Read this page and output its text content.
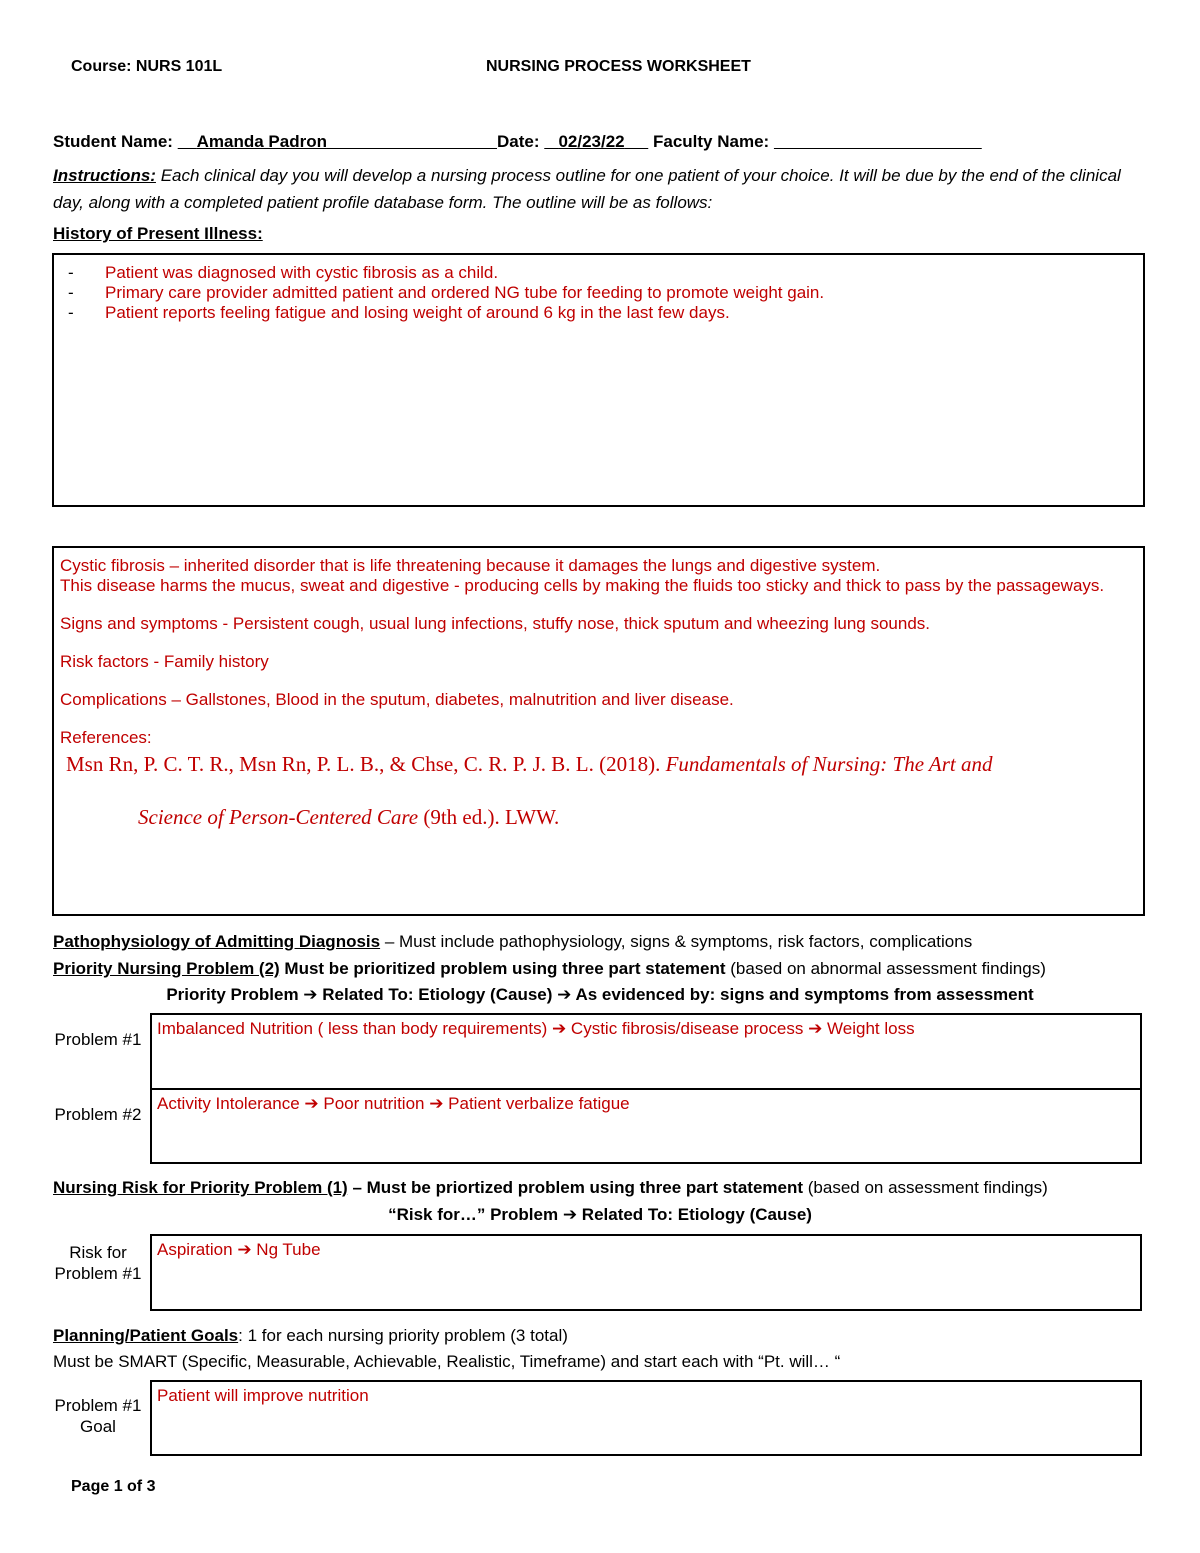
Course: NURS 101L	NURSING PROCESS WORKSHEET
Student Name: Amanda Padron	Date: 02/23/22 Faculty Name:
Instructions: Each clinical day you will develop a nursing process outline for one patient of your choice. It will be due by the end of the clinical day, along with a completed patient profile database form. The outline will be as follows:
History of Present Illness:
- Patient was diagnosed with cystic fibrosis as a child.
- Primary care provider admitted patient and ordered NG tube for feeding to promote weight gain.
- Patient reports feeling fatigue and losing weight of around 6 kg in the last few days.

Cystic fibrosis – inherited disorder that is life threatening because it damages the lungs and digestive system.

This disease harms the mucus, sweat and digestive - producing cells by making the fluids too sticky and thick to pass by the passageways.

Signs and symptoms - Persistent cough, usual lung infections, stuffy nose, thick sputum and wheezing lung sounds.

Risk factors - Family history

Complications – Gallstones, Blood in the sputum, diabetes, malnutrition and liver disease.

References:

Msn Rn, P. C. T. R., Msn Rn, P. L. B., & Chse, C. R. P. J. B. L. (2018). Fundamentals of Nursing: The Art and
Science of Person-Centered Care (9th ed.). LWW.
Pathophysiology of Admitting Diagnosis – Must include pathophysiology, signs & symptoms, risk factors, complications
Priority Nursing Problem (2) Must be prioritized problem using three part statement (based on abnormal assessment findings)
Priority Problem ➔ Related To: Etiology (Cause) ➔ As evidenced by: signs and symptoms from assessment
Problem #1
Imbalanced Nutrition ( less than body requirements) ➔ Cystic fibrosis/disease process ➔ Weight loss
Problem #2
Activity Intolerance ➔ Poor nutrition ➔ Patient verbalize fatigue
Nursing Risk for Priority Problem (1) – Must be priortized problem using three part statement (based on assessment findings)
“Risk for…” Problem ➔ Related To: Etiology (Cause)
Risk for Problem #1
Aspiration ➔ Ng Tube
Planning/Patient Goals: 1 for each nursing priority problem (3 total)
Must be SMART (Specific, Measurable, Achievable, Realistic, Timeframe) and start each with “Pt. will… “
Problem #1 Goal
Patient will improve nutrition
Page 1 of 3
